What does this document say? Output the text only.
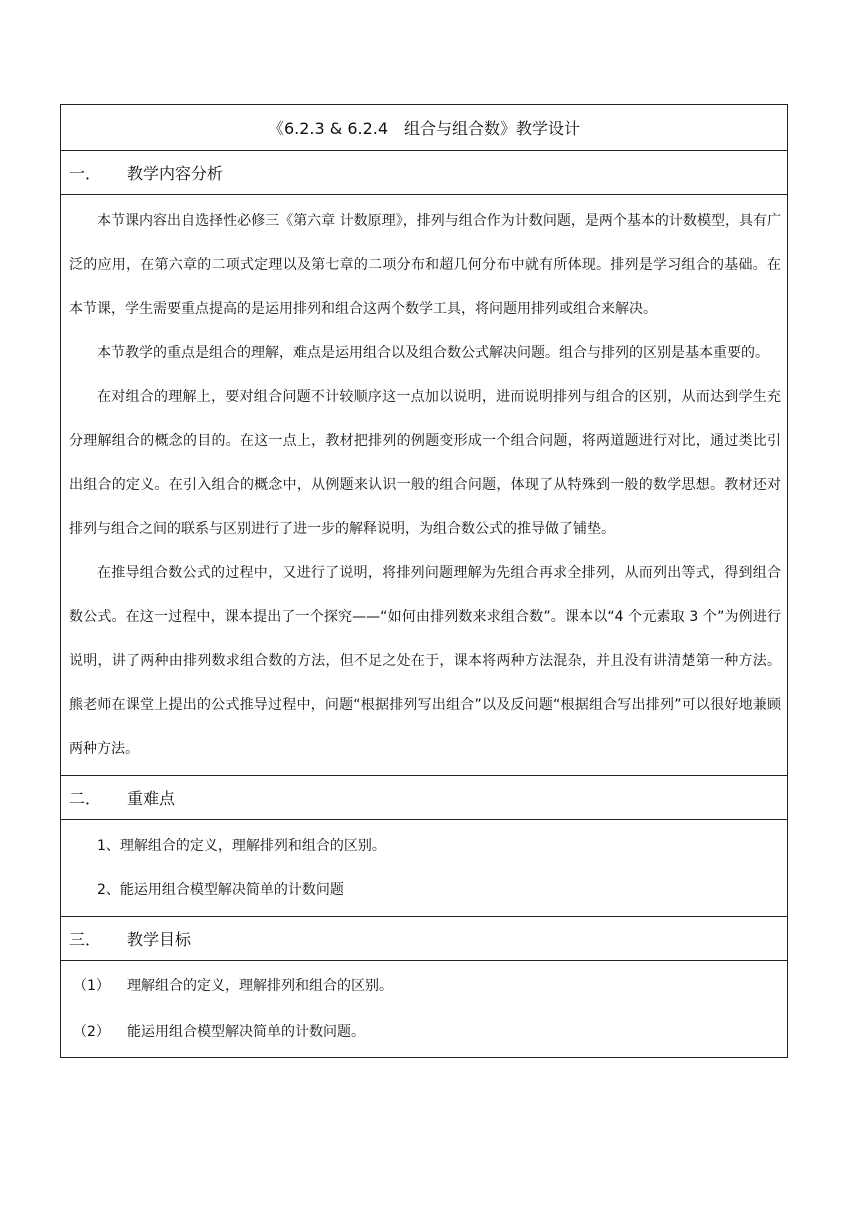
《6.2.3 & 6.2.4　组合与组合数》教学设计
一．	教学内容分析

本节课内容出自选择性必修三《第六章 计数原理》，排列与组合作为计数问题，是两个基本的计数模型，具有广泛的应用，在第六章的二项式定理以及第七章的二项分布和超几何分布中就有所体现。排列是学习组合的基础。在本节课，学生需要重点提高的是运用排列和组合这两个数学工具，将问题用排列或组合来解决。

本节教学的重点是组合的理解，难点是运用组合以及组合数公式解决问题。组合与排列的区别是基本重要的。

在对组合的理解上，要对组合问题不计较顺序这一点加以说明，进而说明排列与组合的区别，从而达到学生充分理解组合的概念的目的。在这一点上，教材把排列的例题变形成一个组合问题，将两道题进行对比，通过类比引出组合的定义。在引入组合的概念中，从例题来认识一般的组合问题，体现了从特殊到一般的数学思想。教材还对排列与组合之间的联系与区别进行了进一步的解释说明，为组合数公式的推导做了铺垫。

在推导组合数公式的过程中，又进行了说明，将排列问题理解为先组合再求全排列，从而列出等式，得到组合数公式。在这一过程中，课本提出了一个探究——“如何由排列数来求组合数”。课本以“4 个元素取 3 个”为例进行说明，讲了两种由排列数求组合数的方法，但不足之处在于，课本将两种方法混杂，并且没有讲清楚第一种方法。熊老师在课堂上提出的公式推导过程中，问题“根据排列写出组合”以及反问题“根据组合写出排列”可以很好地兼顾两种方法。

二．	重难点
1、理解组合的定义，理解排列和组合的区别。
2、能运用组合模型解决简单的计数问题
三．	教学目标
（1） 理解组合的定义，理解排列和组合的区别。
（2） 能运用组合模型解决简单的计数问题。
